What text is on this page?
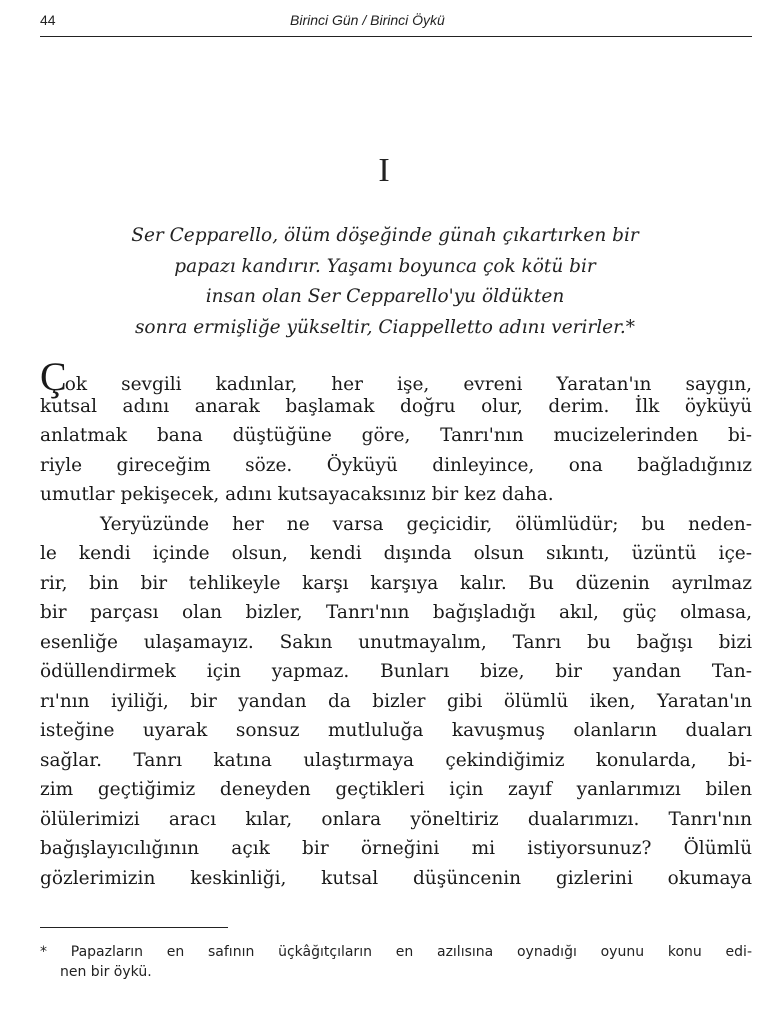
44	Birinci Gün / Birinci Öykü
I
Ser Cepparello, ölüm döşeğinde günah çıkartırken bir
papazı kandırır. Yaşamı boyunca çok kötü bir
insan olan Ser Cepparello'yu öldükten
sonra ermişliğe yükseltir, Ciappelletto adını verirler.*
Çok sevgili kadınlar, her işe, evreni Yaratan'ın saygın,
kutsal adını anarak başlamak doğru olur, derim. İlk öyküyü
anlatmak bana düştüğüne göre, Tanrı'nın mucizelerinden bi-
riyle gireceğim söze. Öyküyü dinleyince, ona bağladığınız
umutlar pekişecek, adını kutsayacaksınız bir kez daha.
Yeryüzünde her ne varsa geçicidir, ölümlüdür; bu neden-
le kendi içinde olsun, kendi dışında olsun sıkıntı, üzüntü içe-
rir, bin bir tehlikeyle karşı karşıya kalır. Bu düzenin ayrılmaz
bir parçası olan bizler, Tanrı'nın bağışladığı akıl, güç olmasa,
esenliğe ulaşamayız. Sakın unutmayalım, Tanrı bu bağışı bizi
ödüllendirmek için yapmaz. Bunları bize, bir yandan Tan-
rı'nın iyiliği, bir yandan da bizler gibi ölümlü iken, Yaratan'ın
isteğine uyarak sonsuz mutluluğa kavuşmuş olanların duaları
sağlar. Tanrı katına ulaştırmaya çekindiğimiz konularda, bi-
zim geçtiğimiz deneyden geçtikleri için zayıf yanlarımızı bilen
ölülerimizi aracı kılar, onlara yöneltiriz dualarımızı. Tanrı'nın
bağışlayıcılığının açık bir örneğini mi istiyorsunuz? Ölümlü
gözlerimizin keskinliği, kutsal düşüncenin gizlerini okumaya
* Papazların en safının üçkâğıtçıların en azılısına oynadığı oyunu konu edi-
nen bir öykü.
